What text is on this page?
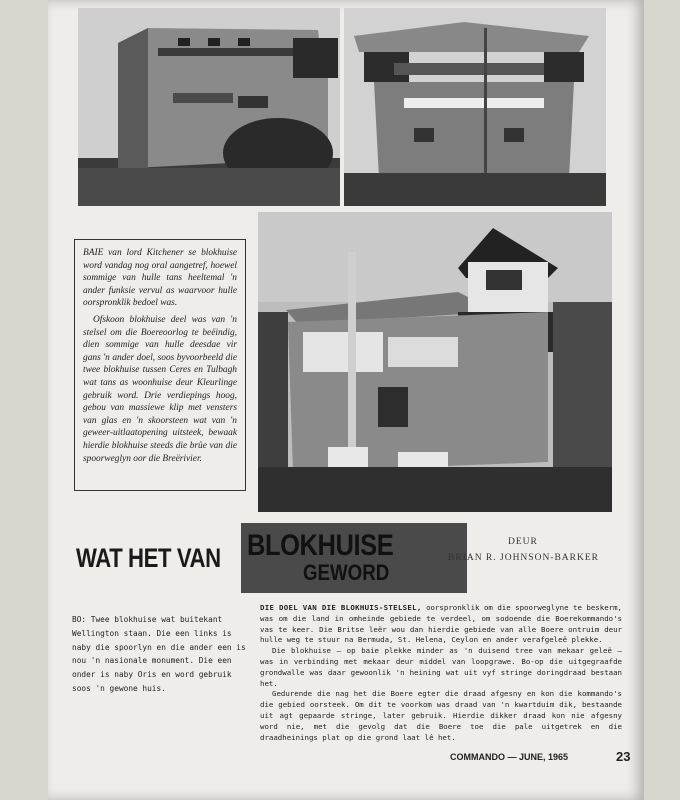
BAIE van lord Kitchener se blokhuise word vandag nog oral aangetref, hoewel sommige van hulle tans heeltemal 'n ander funksie vervul as waarvoor hulle oorspronklik bedoel was.

Ofskoon blokhuise deel was van 'n stelsel om die Boereoorlog te beëindig, dien sommige van hulle deesdae vir gans 'n ander doel, soos byvoorbeeld die twee blokhuise tussen Ceres en Tulbagh wat tans as woonhuise deur Kleurlinge gebruik word. Drie verdiepings hoog, gebou van massiewe klip met vensters van glas en 'n skoorsteen wat van 'n geweer-uitlaatopening uitsteek, bewaak hierdie blokhuise steeds die brûe van die spoorweglyn oor die Breërivier.

WAT HET VAN BLOKHUISE
GEWORD
DEUR
BRIAN R. JOHNSON-BARKER
BO: Twee blokhuise wat buitekant Wellington staan. Die een links is naby die spoorlyn en die ander een is nou 'n nasionale monument. Die een onder is naby Oris en word gebruik soos 'n gewone huis.

DIE DOEL VAN DIE BLOKHUIS-STELSEL, oorspronklik om die spoorweglyne te beskerm, was om die land in omheinde gebiede te verdeel, om sodoende die Boerekommando's vas te keer. Die Britse leër wou dan hierdie gebiede van alle Boere ontruim deur hulle weg te stuur na Bermuda, St. Helena, Ceylon en ander verafgeleë plekke.

Die blokhuise — op baie plekke minder as 'n duisend tree van mekaar geleë — was in verbinding met mekaar deur middel van loopgrawe. Bo-op die uitgegraafde grondwalle was daar gewoonlik 'n heining wat uit vyf stringe doringdraad bestaan het.

Gedurende die nag het die Boere egter die draad afgesny en kon die kommando's die gebied oorsteek. Om dit te voorkom was draad van 'n kwartduim dik, bestaande uit agt gepaarde stringe, later gebruik. Hierdie dikker draad kon nie afgesny word nie, met die gevolg dat die Boere toe die pale uitgetrek en die draadheinings plat op die grond laat lê het.

COMMANDO — JUNE, 1965	23
